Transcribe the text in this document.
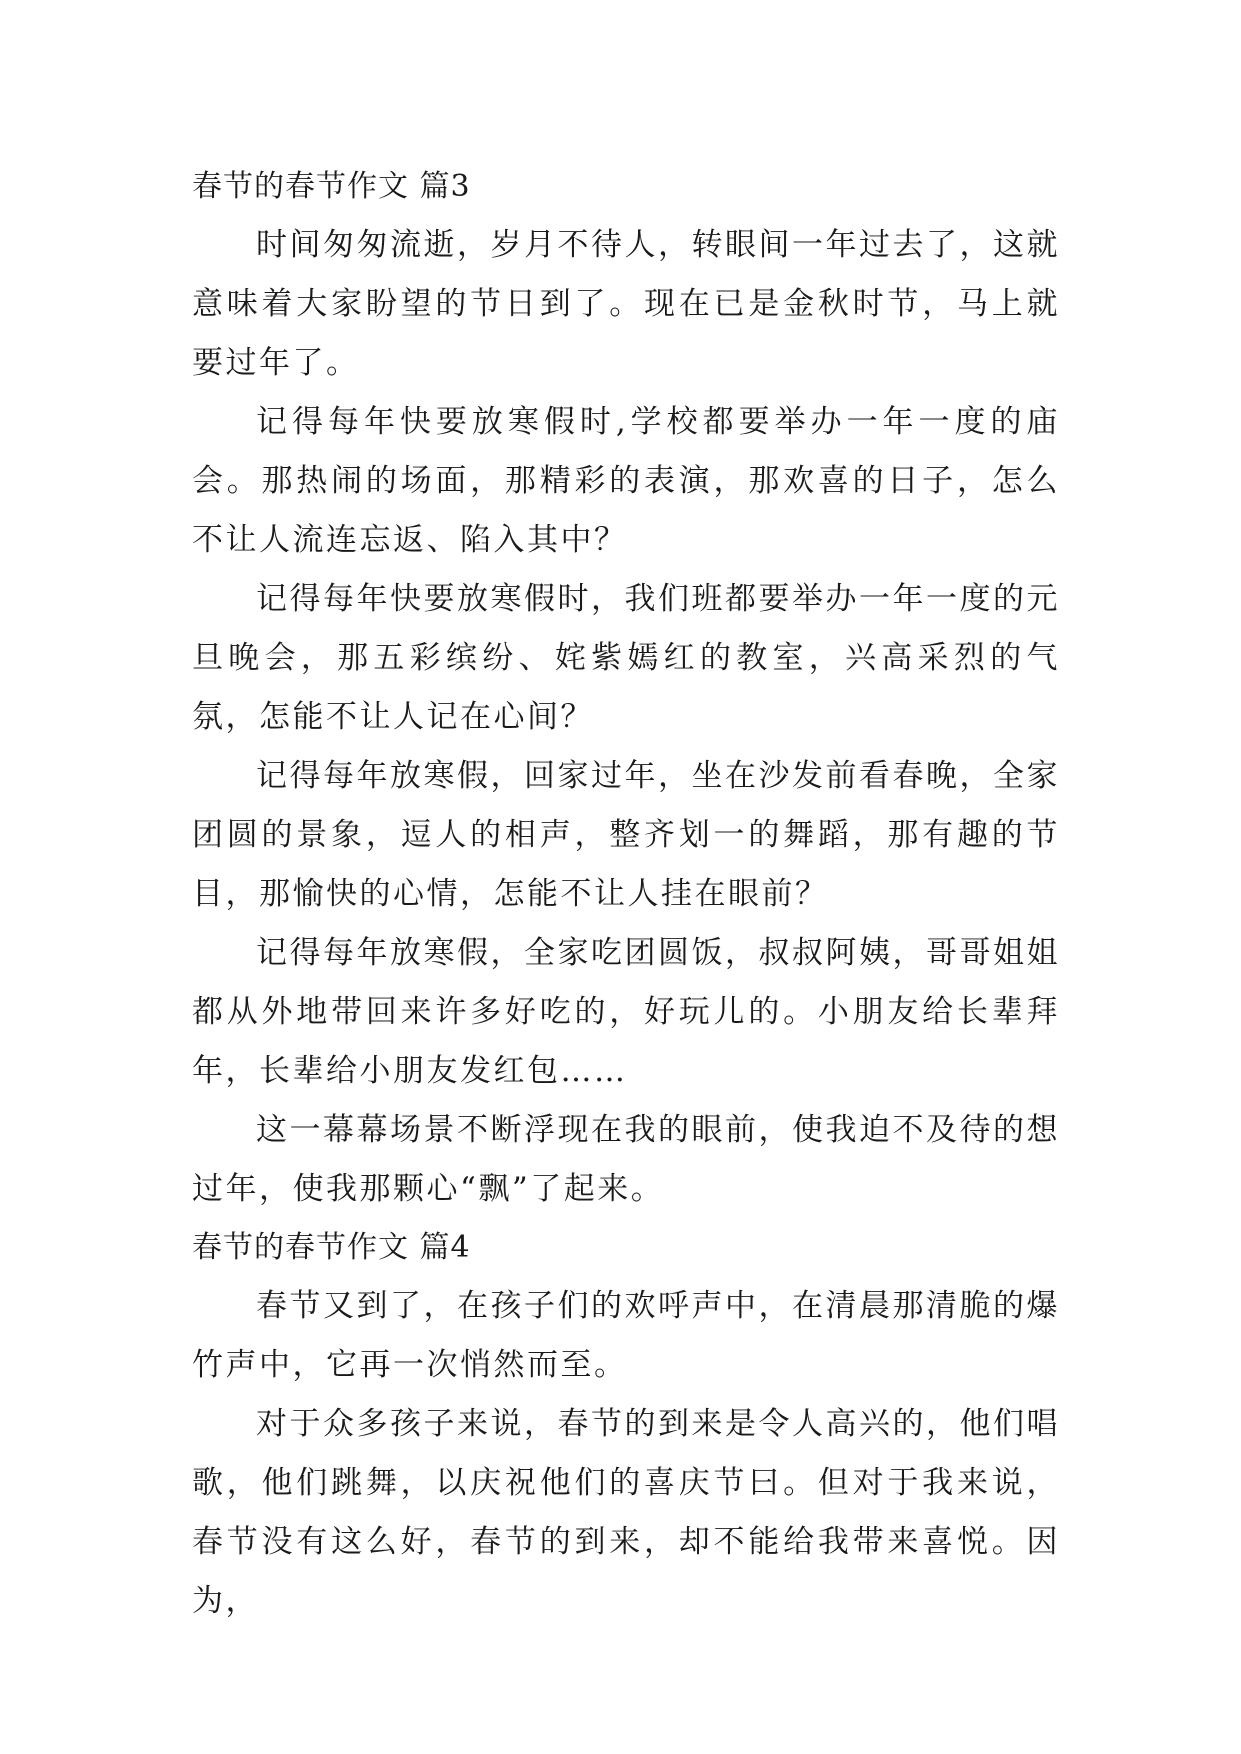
春节的春节作文 篇3

时间匆匆流逝，岁月不待人，转眼间一年过去了，这就意味着大家盼望的节日到了。现在已是金秋时节，马上就要过年了。

记得每年快要放寒假时,学校都要举办一年一度的庙会。那热闹的场面，那精彩的表演，那欢喜的日子，怎么不让人流连忘返、陷入其中？

记得每年快要放寒假时，我们班都要举办一年一度的元旦晚会，那五彩缤纷、姹紫嫣红的教室，兴高采烈的气氛，怎能不让人记在心间？

记得每年放寒假，回家过年，坐在沙发前看春晚，全家团圆的景象，逗人的相声，整齐划一的舞蹈，那有趣的节目，那愉快的心情，怎能不让人挂在眼前？

记得每年放寒假，全家吃团圆饭，叔叔阿姨，哥哥姐姐都从外地带回来许多好吃的，好玩儿的。小朋友给长辈拜年，长辈给小朋友发红包……

这一幕幕场景不断浮现在我的眼前，使我迫不及待的想过年，使我那颗心“飘”了起来。

春节的春节作文 篇4

春节又到了，在孩子们的欢呼声中，在清晨那清脆的爆竹声中，它再一次悄然而至。

对于众多孩子来说，春节的到来是令人高兴的，他们唱歌，他们跳舞，以庆祝他们的喜庆节曰。但对于我来说，春节没有这么好，春节的到来，却不能给我带来喜悦。因为，
